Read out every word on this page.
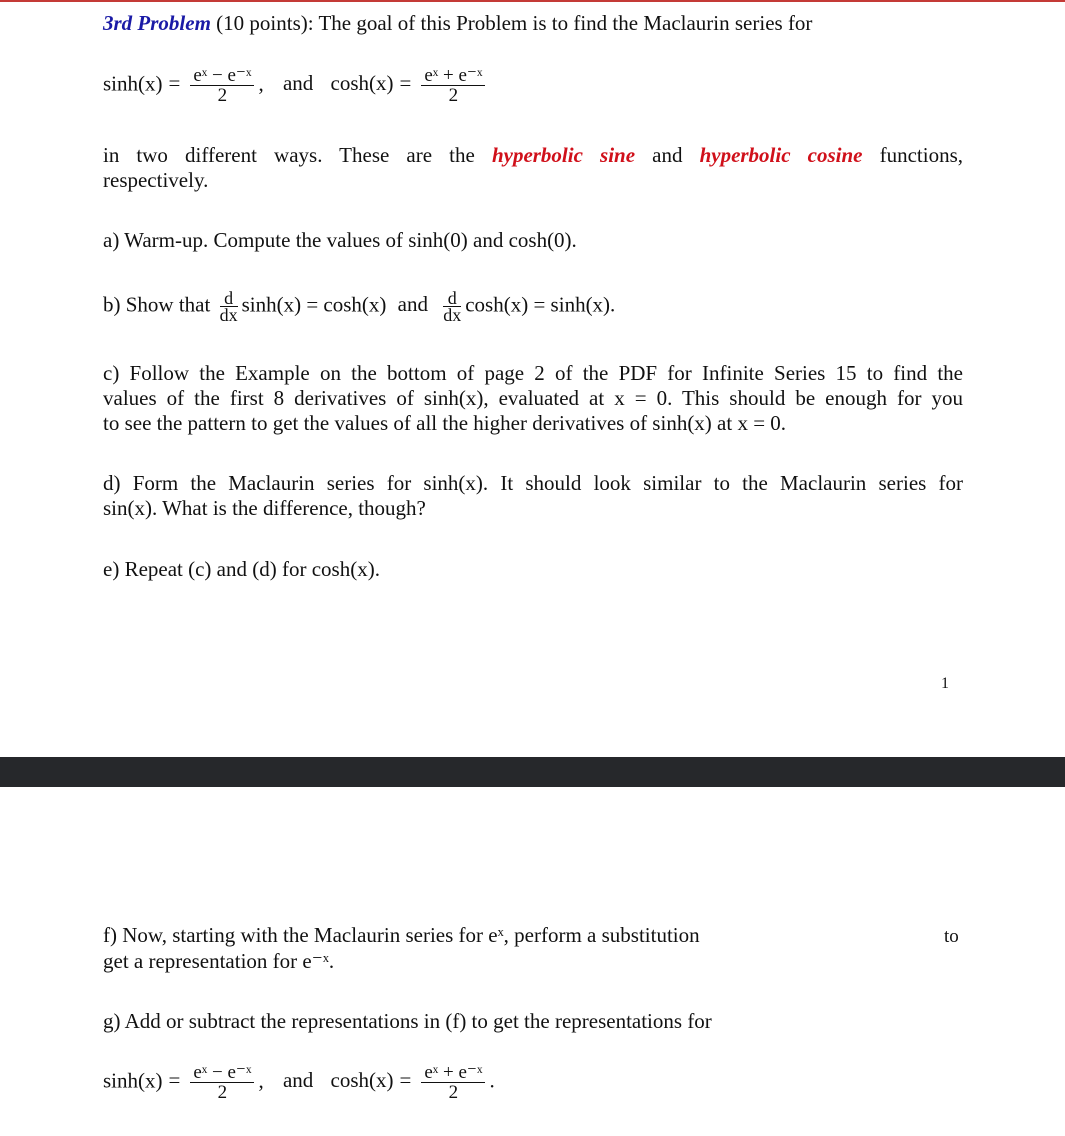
3rd Problem (10 points): The goal of this Problem is to find the Maclaurin series for
$\sinh(x) = \frac{\text{eˣ − e⁻ˣ}}{2}$ , and $\cosh(x) = \frac{\text{eˣ + e⁻ˣ}}{2}$
in two different ways. These are the hyperbolic sine and hyperbolic cosine functions,
respectively.
a) Warm-up. Compute the values of sinh(0) and cosh(0).
b) Show that $\frac{d}{dx} \sinh(x) = \cosh(x)$ and $\frac{d}{dx} \cosh(x) = \sinh(x)$.
c) Follow the Example on the bottom of page 2 of the PDF for Infinite Series 15 to find the
values of the first 8 derivatives of sinh(x), evaluated at x = 0. This should be enough for you
to see the pattern to get the values of all the higher derivatives of sinh(x) at x = 0.
d) Form the Maclaurin series for sinh(x). It should look similar to the Maclaurin series for
sin(x). What is the difference, though?
e) Repeat (c) and (d) for cosh(x).
1
f) Now, starting with the Maclaurin series for eˣ, perform a substitution	to
get a representation for e⁻ˣ.
g) Add or subtract the representations in (f) to get the representations for
$\sinh(x) = \frac{\text{eˣ − e⁻ˣ}}{2}$ , and $\cosh(x) = \frac{\text{eˣ + e⁻ˣ}}{2}$ .
